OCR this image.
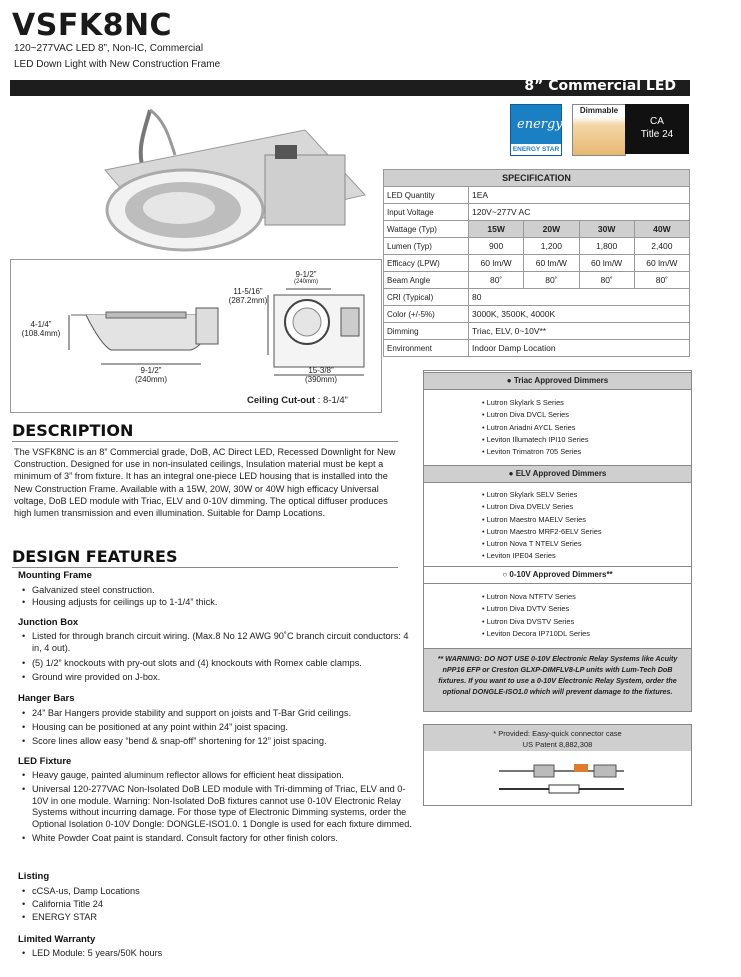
VSFK8NC
120~277VAC LED 8”, Non-IC, Commercial
LED Down Light with New Construction Frame
8” Commercial LED
energy
ENERGY STAR
Dimmable
CA
Title 24
SPECIFICATION				
LED Quantity	1EA			
Input Voltage	120V~277V AC			
Wattage (Typ)	15W	20W	30W	40W
Lumen (Typ)	900	1,200	1,800	2,400
Efficacy (LPW)	60 lm/W	60 lm/W	60 lm/W	60 lm/W
Beam Angle	80˚	80˚	80˚	80˚
CRI (Typical)	80			
Color (+/-5%)	3000K, 3500K, 4000K			
Dimming	Triac, ELV, 0~10V**			
Environment	Indoor Damp Location			
9-1/2”
(240mm)
11-5/16”
(287.2mm)
4-1/4”
(108.4mm)
9-1/2”
(240mm)
15-3/8”
(390mm)
Ceiling Cut-out : 8-1/4”
● Triac Approved Dimmers
• Lutron Skylark S Series
• Lutron Diva DVCL Series
• Lutron Ariadni AYCL Series
• Leviton Illumatech IPI10 Series
• Leviton Trimatron 705 Series
● ELV Approved Dimmers
• Lutron Skylark SELV Series
• Lutron Diva DVELV Series
• Lutron Maestro MAELV Series
• Lutron Maestro MRF2-6ELV Series
• Lutron Nova T NTELV Series
• Leviton IPE04 Series
○ 0-10V Approved Dimmers**
• Lutron Nova NTFTV Series
• Lutron Diva DVTV Series
• Lutron Diva DVSTV Series
• Leviton Decora IP710DL Series
** WARNING: DO NOT USE 0-10V Electronic Relay Systems like Acuity nPP16 EFP or Creston GLXP-DIMFLV8-LP units with Lum-Tech DoB fixtures. If you want to use a 0-10V Electronic Relay System, order the optional DONGLE-ISO1.0 which will prevent damage to the fixtures.
* Provided: Easy-quick connector case
US Patent 8,882,308
DESCRIPTION
The VSFK8NC is an 8” Commercial grade, DoB, AC Direct LED, Recessed Downlight for New Construction. Designed for use in non-insulated ceilings, Insulation material must be kept a minimum of 3” from fixture. It has an integral one-piece LED housing that is installed into the New Construction Frame. Available with a 15W, 20W, 30W or 40W high efficacy Universal voltage, DoB LED module with Triac, ELV and 0-10V dimming. The optical diffuser produces high lumen transmission and even illumination. Suitable for Damp Locations.
DESIGN FEATURES
Mounting Frame
• Galvanized steel construction.
• Housing adjusts for ceilings up to 1-1/4” thick.
Junction Box
• Listed for through branch circuit wiring. (Max.8 No 12 AWG 90˚C branch circuit conductors: 4 in, 4 out).
• (5) 1/2” knockouts with pry-out slots and (4) knockouts with Romex cable clamps.
• Ground wire provided on J-box.
Hanger Bars
• 24” Bar Hangers provide stability and support on joists and T-Bar Grid ceilings.
• Housing can be positioned at any point within 24” joist spacing.
• Score lines allow easy “bend & snap-off” shortening for 12” joist spacing.
LED Fixture
• Heavy gauge, painted aluminum reflector allows for efficient heat dissipation.
• Universal 120-277VAC Non-Isolated DoB LED module with Tri-dimming of Triac, ELV and 0-10V in one module. Warning: Non-Isolated DoB fixtures cannot use 0-10V Electronic Relay Systems without incurring damage. For those type of Electronic Dimming systems, order the Optional Isolation 0-10V Dongle: DONGLE-ISO1.0. 1 Dongle is used for each fixture dimmed.
• White Powder Coat paint is standard. Consult factory for other finish colors.
Listing
• cCSA-us, Damp Locations
• California Title 24
• ENERGY STAR
Limited Warranty
• LED Module: 5 years/50K hours
